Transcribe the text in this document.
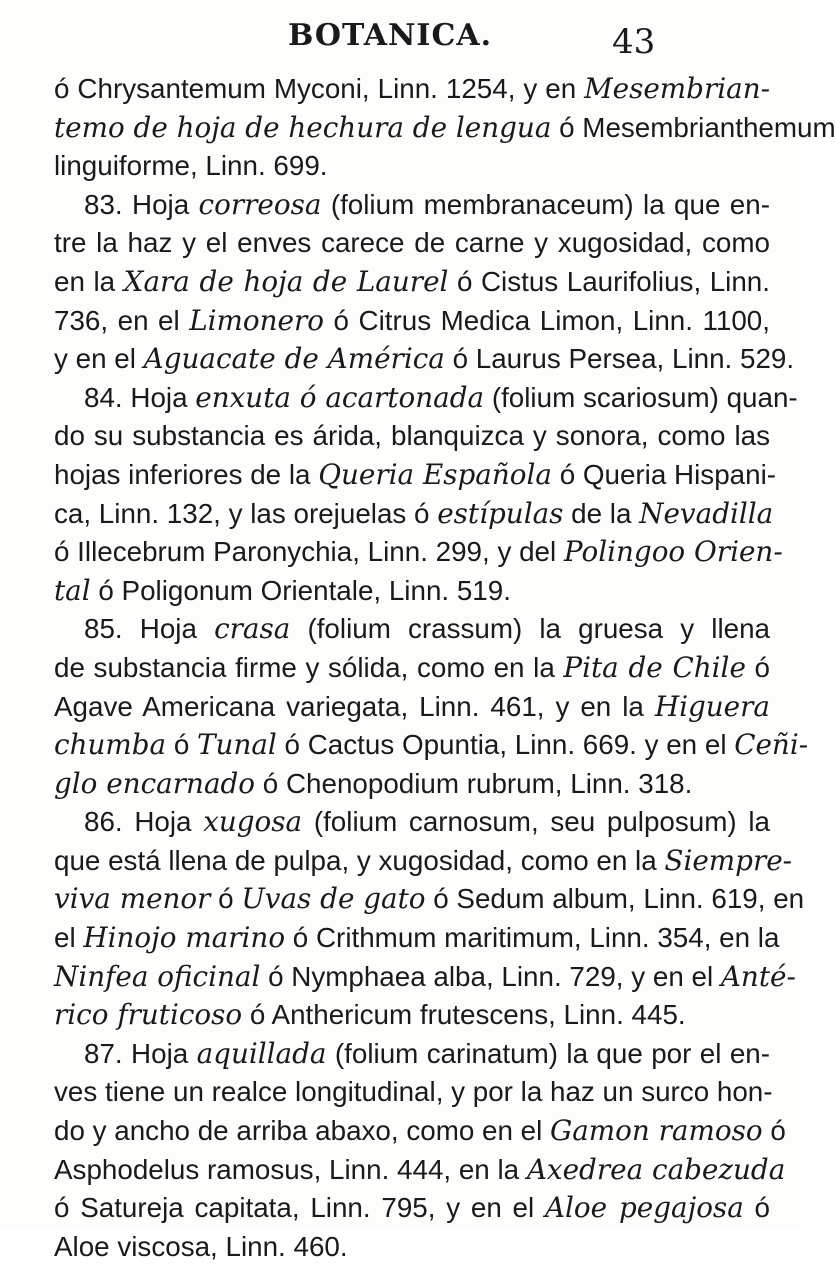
BOTANICA.	43
ó Chrysantemum Myconi, Linn. 1254, y en Mesembrian-
temo de hoja de hechura de lengua ó Mesembrianthemum
linguiforme, Linn. 699.
83. Hoja correosa (folium membranaceum) la que en-
tre la haz y el enves carece de carne y xugosidad, como
en la Xara de hoja de Laurel ó Cistus Laurifolius, Linn.
736, en el Limonero ó Citrus Medica Limon, Linn. 1100,
y en el Aguacate de América ó Laurus Persea, Linn. 529.
84. Hoja enxuta ó acartonada (folium scariosum) quan-
do su substancia es árida, blanquizca y sonora, como las
hojas inferiores de la Queria Española ó Queria Hispani-
ca, Linn. 132, y las orejuelas ó estípulas de la Nevadilla
ó Illecebrum Paronychia, Linn. 299, y del Polingoo Orien-
tal ó Poligonum Orientale, Linn. 519.
85. Hoja crasa (folium crassum) la gruesa y llena
de substancia firme y sólida, como en la Pita de Chile ó
Agave Americana variegata, Linn. 461, y en la Higuera
chumba ó Tunal ó Cactus Opuntia, Linn. 669. y en el Ceñi-
glo encarnado ó Chenopodium rubrum, Linn. 318.
86. Hoja xugosa (folium carnosum, seu pulposum) la
que está llena de pulpa, y xugosidad, como en la Siempre-
viva menor ó Uvas de gato ó Sedum album, Linn. 619, en
el Hinojo marino ó Crithmum maritimum, Linn. 354, en la
Ninfea oficinal ó Nymphaea alba, Linn. 729, y en el Anté-
rico fruticoso ó Anthericum frutescens, Linn. 445.
87. Hoja aquillada (folium carinatum) la que por el en-
ves tiene un realce longitudinal, y por la haz un surco hon-
do y ancho de arriba abaxo, como en el Gamon ramoso ó
Asphodelus ramosus, Linn. 444, en la Axedrea cabezuda
ó Satureja capitata, Linn. 795, y en el Aloe pegajosa ó
Aloe viscosa, Linn. 460.
